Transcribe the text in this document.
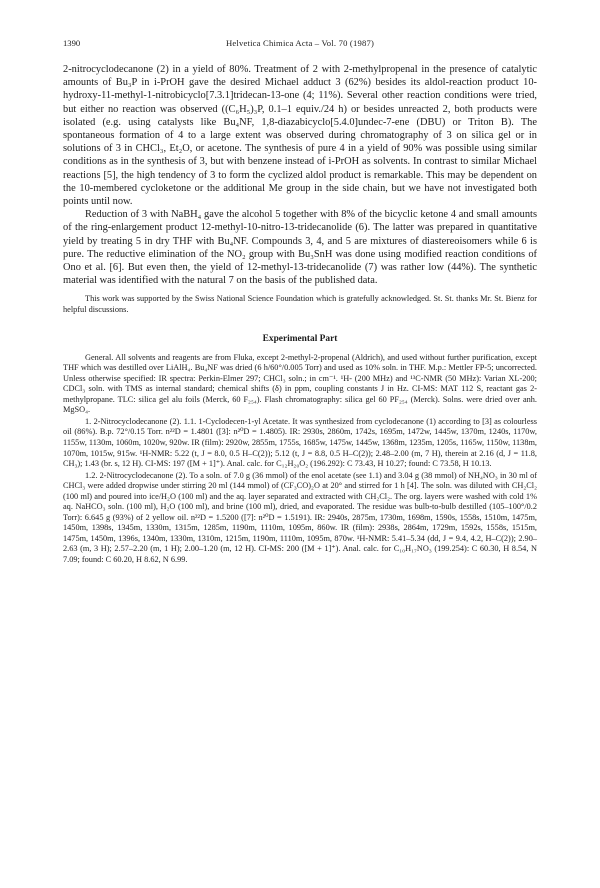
1390	Helvetica Chimica Acta – Vol. 70 (1987)

2-nitrocyclodecanone (2) in a yield of 80%. Treatment of 2 with 2-methylpropenal in the presence of catalytic amounts of Bu₃P in i-PrOH gave the desired Michael adduct 3 (62%) besides its aldol-reaction product 10-hydroxy-11-methyl-1-nitrobicyclo[7.3.1]tridecan-13-one (4; 11%). Several other reaction conditions were tried, but either no reaction was observed ((C₆H₅)₃P, 0.1–1 equiv./24 h) or besides unreacted 2, both products were isolated (e.g. using catalysts like Bu₄NF, 1,8-diazabicyclo[5.4.0]undec-7-ene (DBU) or Triton B). The spontaneous formation of 4 to a large extent was observed during chromatography of 3 on silica gel or in solutions of 3 in CHCl₃, Et₂O, or acetone. The synthesis of pure 4 in a yield of 90% was possible using similar conditions as in the synthesis of 3, but with benzene instead of i-PrOH as solvents. In contrast to similar Michael reactions [5], the high tendency of 3 to form the cyclized aldol product is remarkable. This may be dependent on the 10-membered cycloketone or the additional Me group in the side chain, but we have not investigated both points until now.

Reduction of 3 with NaBH₄ gave the alcohol 5 together with 8% of the bicyclic ketone 4 and small amounts of the ring-enlargement product 12-methyl-10-nitro-13-tridecanolide (6). The latter was prepared in quantitative yield by treating 5 in dry THF with Bu₄NF. Compounds 3, 4, and 5 are mixtures of diastereoisomers while 6 is pure. The reductive elimination of the NO₂ group with Bu₃SnH was done using modified reaction conditions of Ono et al. [6]. But even then, the yield of 12-methyl-13-tridecanolide (7) was rather low (44%). The synthetic material was identified with the natural 7 on the basis of the published data.

This work was supported by the Swiss National Science Foundation which is gratefully acknowledged. St. St. thanks Mr. St. Bienz for helpful discussions.
Experimental Part

General. All solvents and reagents are from Fluka, except 2-methyl-2-propenal (Aldrich), and used without further purification, except THF which was destilled over LiAlH₄. Bu₄NF was dried (6 h/60°/0.005 Torr) and used as 10% soln. in THF. M.p.: Mettler FP-5; uncorrected. Unless otherwise specified: IR spectra: Perkin-Elmer 297; CHCl₃ soln.; in cm⁻¹. ¹H- (200 MHz) and ¹³C-NMR (50 MHz): Varian XL-200; CDCl₃ soln. with TMS as internal standard; chemical shifts (δ) in ppm, coupling constants J in Hz. CI-MS: MAT 112 S, reactant gas 2-methylpropane. TLC: silica gel alu foils (Merck, 60 F₂₅₄). Flash chromatography: silica gel 60 PF₂₅₄ (Merck). Solns. were dried over anh. MgSO₄.

1. 2-Nitrocyclodecanone (2). 1.1. 1-Cyclodecen-1-yl Acetate. It was synthesized from cyclodecanone (1) according to [3] as colourless oil (86%). B.p. 72°/0.15 Torr. n²²D = 1.4801 ([3]: n²⁰D = 1.4805). IR: 2930s, 2860m, 1742s, 1695m, 1472w, 1445w, 1370m, 1240s, 1170w, 1155w, 1130m, 1060m, 1020w, 920w. IR (film): 2920w, 2855m, 1755s, 1685w, 1475w, 1445w, 1368m, 1235m, 1205s, 1165w, 1150w, 1138m, 1070m, 1015w, 915w. ¹H-NMR: 5.22 (t, J = 8.0, 0.5 H–C(2)); 5.12 (t, J = 8.8, 0.5 H–C(2)); 2.48–2.00 (m, 7 H), therein at 2.16 (d, J = 11.8, CH₃); 1.43 (br. s, 12 H). CI-MS: 197 ([M + 1]⁺). Anal. calc. for C₁₂H₂₀O₂ (196.292): C 73.43, H 10.27; found: C 73.58, H 10.13.

1.2. 2-Nitrocyclodecanone (2). To a soln. of 7.0 g (36 mmol) of the enol acetate (see 1.1) and 3.04 g (38 mmol) of NH₄NO₃ in 30 ml of CHCl₃ were added dropwise under stirring 20 ml (144 mmol) of (CF₃CO)₂O at 20° and stirred for 1 h [4]. The soln. was diluted with CH₂Cl₂ (100 ml) and poured into ice/H₂O (100 ml) and the aq. layer separated and extracted with CH₂Cl₂. The org. layers were washed with cold 1% aq. NaHCO₃ soln. (100 ml), H₂O (100 ml), and brine (100 ml), dried, and evaporated. The residue was bulb-to-bulb destilled (105–100°/0.2 Torr): 6.645 g (93%) of 2 yellow oil. n²²D = 1.5200 ([7]: n²⁰D = 1.5191). IR: 2940s, 2875m, 1730m, 1698m, 1590s, 1558s, 1510m, 1475m, 1450m, 1398s, 1345m, 1330m, 1315m, 1285m, 1190m, 1110m, 1095m, 860w. IR (film): 2938s, 2864m, 1729m, 1592s, 1558s, 1515m, 1475m, 1450m, 1396s, 1340m, 1330m, 1310m, 1215m, 1190m, 1110m, 1095m, 870w. ¹H-NMR: 5.41–5.34 (dd, J = 9.4, 4.2, H–C(2)); 2.90–2.63 (m, 3 H); 2.57–2.20 (m, 1 H); 2.00–1.20 (m, 12 H). CI-MS: 200 ([M + 1]⁺). Anal. calc. for C₁₀H₁₇NO₃ (199.254): C 60.30, H 8.54, N 7.09; found: C 60.20, H 8.62, N 6.99.
